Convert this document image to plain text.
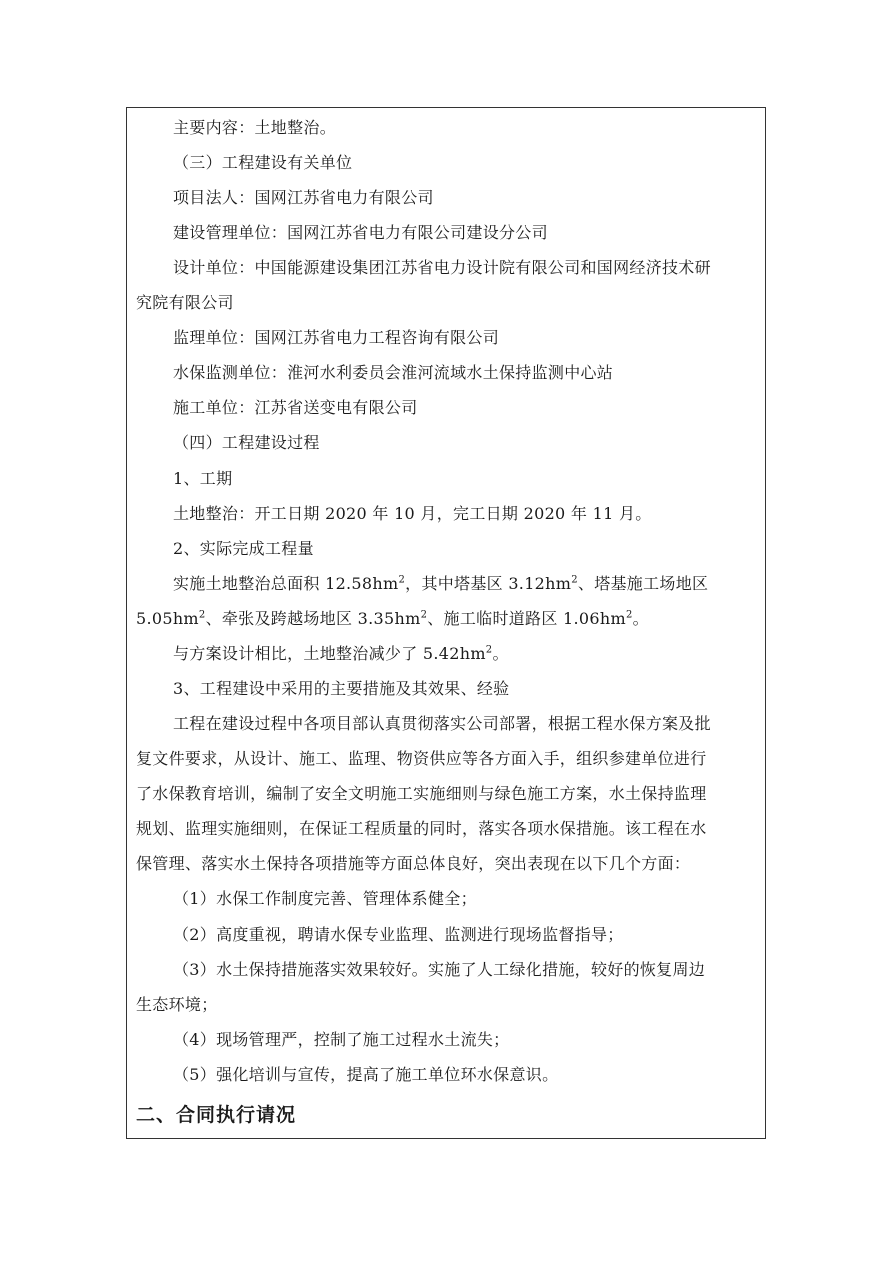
主要内容：土地整治。
（三）工程建设有关单位
项目法人：国网江苏省电力有限公司
建设管理单位：国网江苏省电力有限公司建设分公司
设计单位：中国能源建设集团江苏省电力设计院有限公司和国网经济技术研
究院有限公司
监理单位：国网江苏省电力工程咨询有限公司
水保监测单位：淮河水利委员会淮河流域水土保持监测中心站
施工单位：江苏省送变电有限公司
（四）工程建设过程
1、工期
土地整治：开工日期 2020 年 10 月，完工日期 2020 年 11 月。
2、实际完成工程量
实施土地整治总面积 $12.58hm^2$，其中塔基区 $3.12hm^2$、塔基施工场地区
$5.05hm^2$、牵张及跨越场地区 $3.35hm^2$、施工临时道路区 $1.06hm^2$。
与方案设计相比，土地整治减少了 $5.42hm^2$。
3、工程建设中采用的主要措施及其效果、经验
工程在建设过程中各项目部认真贯彻落实公司部署，根据工程水保方案及批
复文件要求，从设计、施工、监理、物资供应等各方面入手，组织参建单位进行
了水保教育培训，编制了安全文明施工实施细则与绿色施工方案，水土保持监理
规划、监理实施细则，在保证工程质量的同时，落实各项水保措施。该工程在水
保管理、落实水土保持各项措施等方面总体良好，突出表现在以下几个方面：
（1）水保工作制度完善、管理体系健全；
（2）高度重视，聘请水保专业监理、监测进行现场监督指导；
（3）水土保持措施落实效果较好。实施了人工绿化措施，较好的恢复周边
生态环境；
（4）现场管理严，控制了施工过程水土流失；
（5）强化培训与宣传，提高了施工单位环水保意识。
二、合同执行请况
